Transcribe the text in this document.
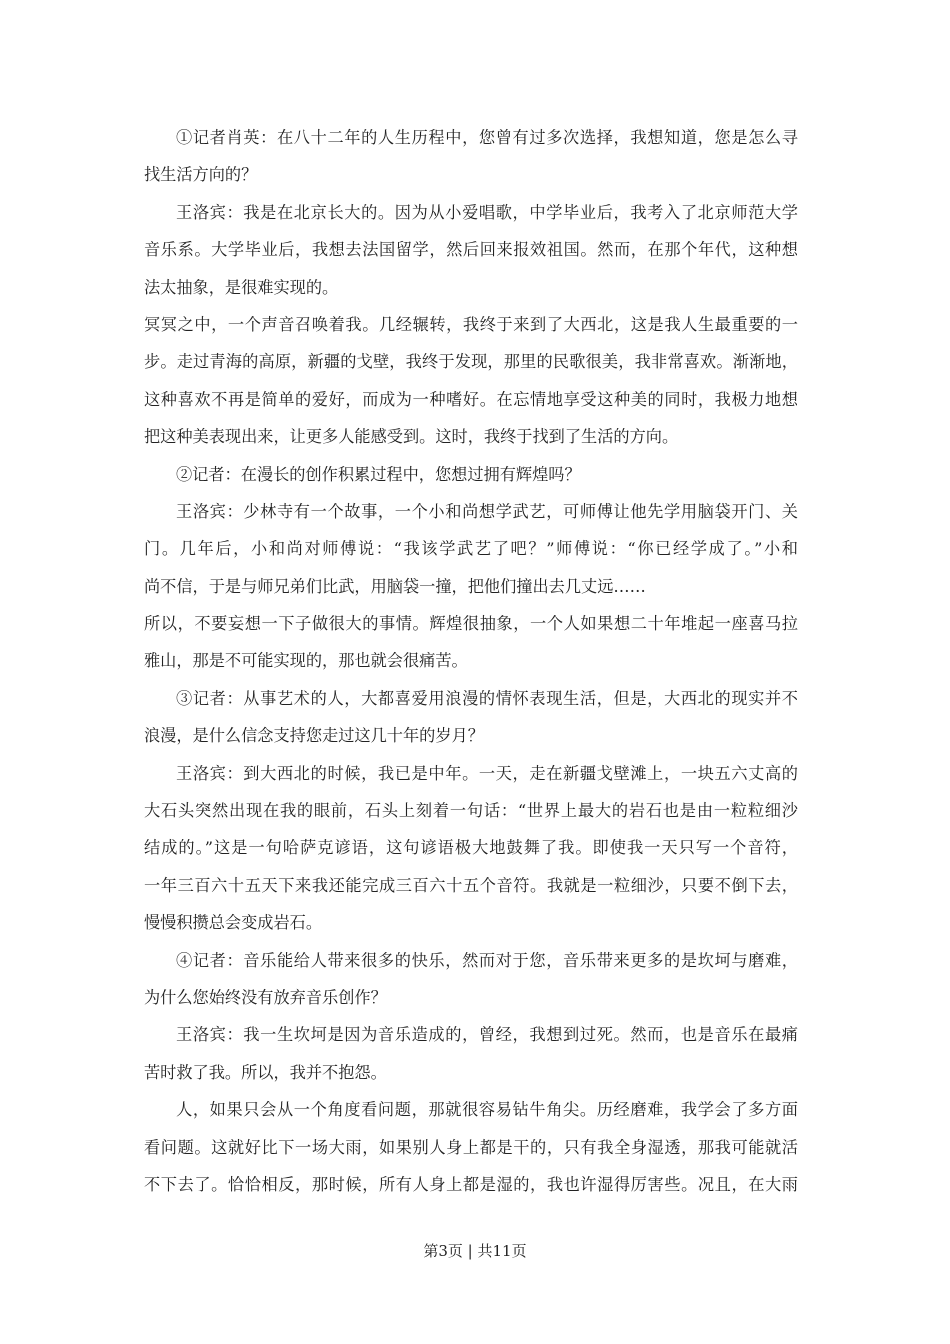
①记者肖英：在八十二年的人生历程中，您曾有过多次选择，我想知道，您是怎么寻
找生活方向的？
王洛宾：我是在北京长大的。因为从小爱唱歌，中学毕业后，我考入了北京师范大学
音乐系。大学毕业后，我想去法国留学，然后回来报效祖国。然而，在那个年代，这种想
法太抽象，是很难实现的。
冥冥之中，一个声音召唤着我。几经辗转，我终于来到了大西北，这是我人生最重要的一
步。走过青海的高原，新疆的戈壁，我终于发现，那里的民歌很美，我非常喜欢。渐渐地，
这种喜欢不再是简单的爱好，而成为一种嗜好。在忘情地享受这种美的同时，我极力地想
把这种美表现出来，让更多人能感受到。这时，我终于找到了生活的方向。
②记者：在漫长的创作积累过程中，您想过拥有辉煌吗？
王洛宾：少林寺有一个故事，一个小和尚想学武艺，可师傅让他先学用脑袋开门、关
门。几年后，小和尚对师傅说：“我该学武艺了吧？”师傅说：“你已经学成了。”小和
尚不信，于是与师兄弟们比武，用脑袋一撞，把他们撞出去几丈远……
所以，不要妄想一下子做很大的事情。辉煌很抽象，一个人如果想二十年堆起一座喜马拉
雅山，那是不可能实现的，那也就会很痛苦。
③记者：从事艺术的人，大都喜爱用浪漫的情怀表现生活，但是，大西北的现实并不
浪漫，是什么信念支持您走过这几十年的岁月？
王洛宾：到大西北的时候，我已是中年。一天，走在新疆戈壁滩上，一块五六丈高的
大石头突然出现在我的眼前，石头上刻着一句话：“世界上最大的岩石也是由一粒粒细沙
结成的。”这是一句哈萨克谚语，这句谚语极大地鼓舞了我。即使我一天只写一个音符，
一年三百六十五天下来我还能完成三百六十五个音符。我就是一粒细沙，只要不倒下去，
慢慢积攒总会变成岩石。
④记者：音乐能给人带来很多的快乐，然而对于您，音乐带来更多的是坎坷与磨难，
为什么您始终没有放弃音乐创作？
王洛宾：我一生坎坷是因为音乐造成的，曾经，我想到过死。然而，也是音乐在最痛
苦时救了我。所以，我并不抱怨。
人，如果只会从一个角度看问题，那就很容易钻牛角尖。历经磨难，我学会了多方面
看问题。这就好比下一场大雨，如果别人身上都是干的，只有我全身湿透，那我可能就活
不下去了。恰恰相反，那时候，所有人身上都是湿的，我也许湿得厉害些。况且，在大雨
第3页 | 共11页
